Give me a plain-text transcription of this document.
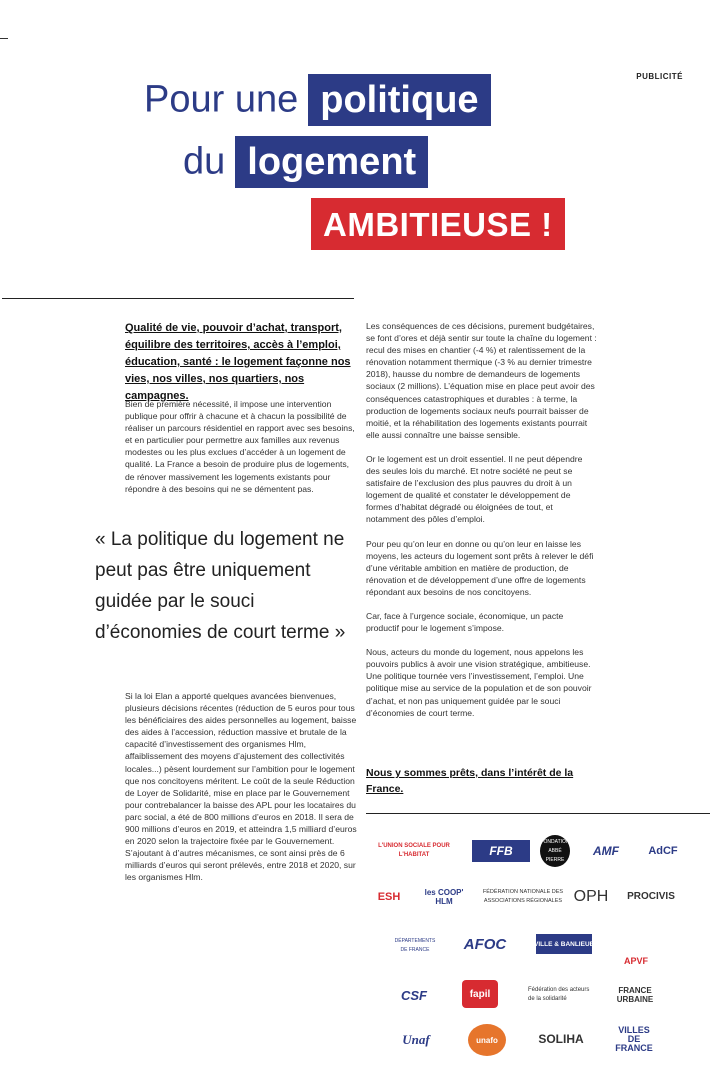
PUBLICITÉ
Pour une politique
du logement
AMBITIEUSE !
Qualité de vie, pouvoir d’achat, transport, équilibre des territoires, accès à l’emploi, éducation, santé : le logement façonne nos vies, nos villes, nos quartiers, nos campagnes.

Bien de première nécessité, il impose une intervention publique pour offrir à chacune et à chacun la possibilité de réaliser un parcours résidentiel en rapport avec ses besoins, et en particulier pour permettre aux familles aux revenus modestes ou les plus exclues d’accéder à un logement de qualité. La France a besoin de produire plus de logements, de rénover massivement les logements existants pour répondre à des besoins qui ne se démentent pas.

« La politique du logement ne peut pas être uniquement guidée par le souci d’économies de court terme »

Si la loi Elan a apporté quelques avancées bienvenues, plusieurs décisions récentes (réduction de 5 euros pour tous les bénéficiaires des aides personnelles au logement, baisse des aides à l’accession, réduction massive et brutale de la capacité d’investissement des organismes Hlm, affaiblissement des moyens d’ajustement des collectivités locales...) pèsent lourdement sur l’ambition pour le logement que nos concitoyens méritent. Le coût de la seule Réduction de Loyer de Solidarité, mise en place par le Gouvernement pour contrebalancer la baisse des APL pour les locataires du parc social, a été de 800 millions d’euros en 2018. Il sera de 900 millions d’euros en 2019, et atteindra 1,5 milliard d’euros en 2020 selon la trajectoire fixée par le Gouvernement. S’ajoutant à d’autres mécanismes, ce sont ainsi près de 6 milliards d’euros qui seront prélevés, entre 2018 et 2020, sur les organismes Hlm.

Les conséquences de ces décisions, purement budgétaires, se font d’ores et déjà sentir sur toute la chaîne du logement : recul des mises en chantier (-4 %) et ralentissement de la rénovation notamment thermique (-3 % au dernier trimestre 2018), hausse du nombre de demandeurs de logements sociaux (2 millions). L’équation mise en place peut avoir des conséquences catastrophiques et durables : à terme, la production de logements sociaux neufs pourrait baisser de moitié, et la réhabilitation des logements existants pourrait elle aussi connaître une baisse sensible.

Or le logement est un droit essentiel. Il ne peut dépendre des seules lois du marché. Et notre société ne peut se satisfaire de l’exclusion des plus pauvres du droit à un logement de qualité et constater le développement de formes d’habitat dégradé ou éloignées de tout, et notamment des pôles d’emploi.

Pour peu qu’on leur en donne ou qu’on leur en laisse les moyens, les acteurs du logement sont prêts à relever le défi d’une véritable ambition en matière de production, de rénovation et de développement d’une offre de logements répondant aux besoins de nos concitoyens.

Car, face à l’urgence sociale, économique, un pacte productif pour le logement s’impose.

Nous, acteurs du monde du logement, nous appelons les pouvoirs publics à avoir une vision stratégique, ambitieuse. Une politique tournée vers l’investissement, l’emploi. Une politique mise au service de la population et de son pouvoir d’achat, et non pas uniquement guidée par le souci d’économies de court terme.

Nous y sommes prêts, dans l’intérêt de la France.
L'UNION SOCIALE POUR L'HABITAT	FFB
FONDATION ABBÉ PIERRE
AMF	AdCF
ESH	les COOP' HLM
FÉDÉRATION NATIONALE DES ASSOCIATIONS RÉGIONALES OPH	PROCIVIS
DÉPARTEMENTS DE FRANCE	AFOC	VILLE & BANLIEUE
APVF
CSF	fapil	Fédération des acteurs de la solidarité
FRANCE URBAINE
Unaf	unafo	SOLIHA
VILLES DE FRANCE
